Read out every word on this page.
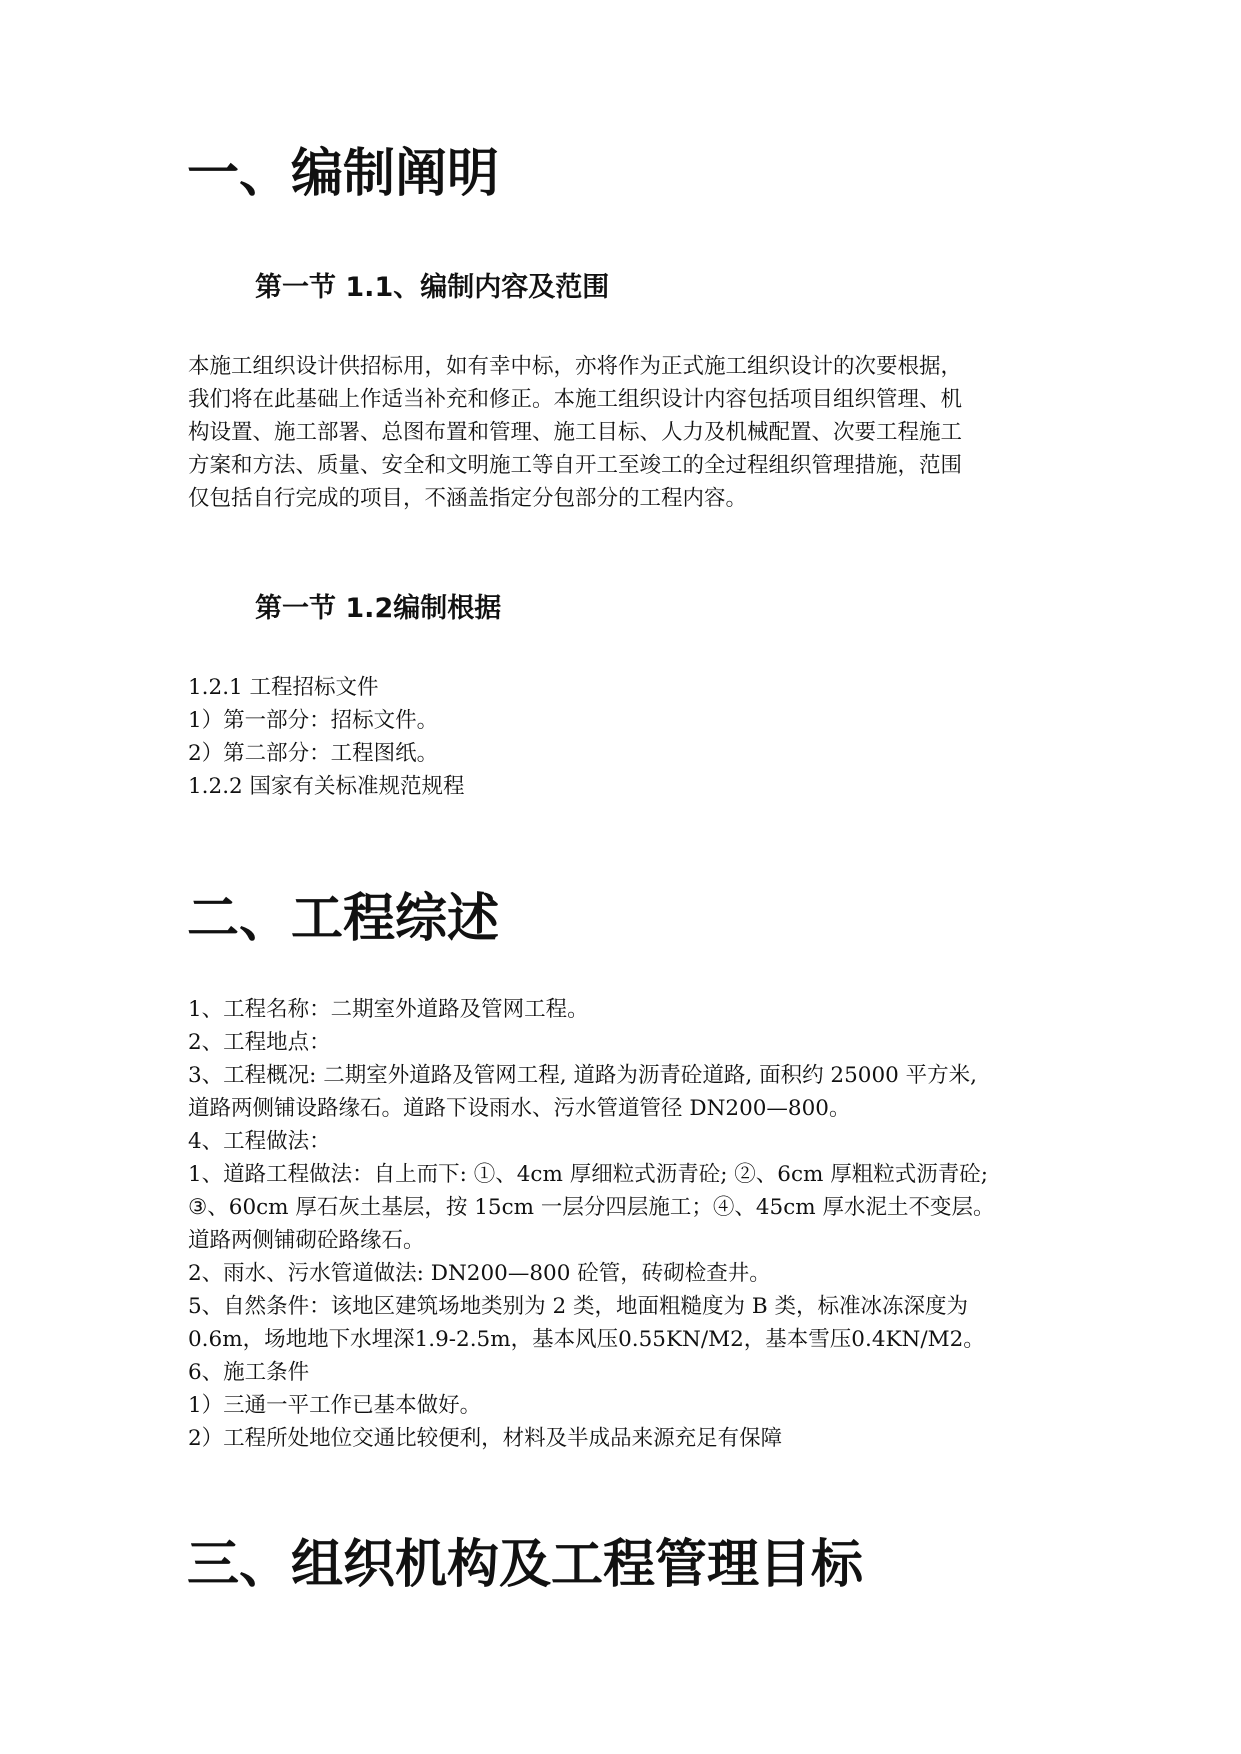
一、编制阐明
第一节 1.1、编制内容及范围
本施工组织设计供招标用，如有幸中标，亦将作为正式施工组织设计的次要根据，
我们将在此基础上作适当补充和修正。本施工组织设计内容包括项目组织管理、机
构设置、施工部署、总图布置和管理、施工目标、人力及机械配置、次要工程施工
方案和方法、质量、安全和文明施工等自开工至竣工的全过程组织管理措施，范围
仅包括自行完成的项目，不涵盖指定分包部分的工程内容。
第一节 1.2编制根据
1.2.1 工程招标文件
1）第一部分：招标文件。
2）第二部分：工程图纸。
1.2.2 国家有关标准规范规程
二、工程综述
1、工程名称：二期室外道路及管网工程。
2、工程地点：
3、工程概况: 二期室外道路及管网工程, 道路为沥青砼道路, 面积约 25000 平方米,
道路两侧铺设路缘石。道路下设雨水、污水管道管径 DN200—800。
4、工程做法：
1、道路工程做法：自上而下: ①、4cm 厚细粒式沥青砼; ②、6cm 厚粗粒式沥青砼;
③、60cm 厚石灰土基层，按 15cm 一层分四层施工；④、45cm 厚水泥土不变层。
道路两侧铺砌砼路缘石。
2、雨水、污水管道做法: DN200—800 砼管，砖砌检查井。
5、自然条件：该地区建筑场地类别为 2 类，地面粗糙度为 B 类，标准冰冻深度为
0.6m，场地地下水埋深1.9-2.5m，基本风压0.55KN/M2，基本雪压0.4KN/M2。
6、施工条件
1）三通一平工作已基本做好。
2）工程所处地位交通比较便利，材料及半成品来源充足有保障
三、组织机构及工程管理目标
